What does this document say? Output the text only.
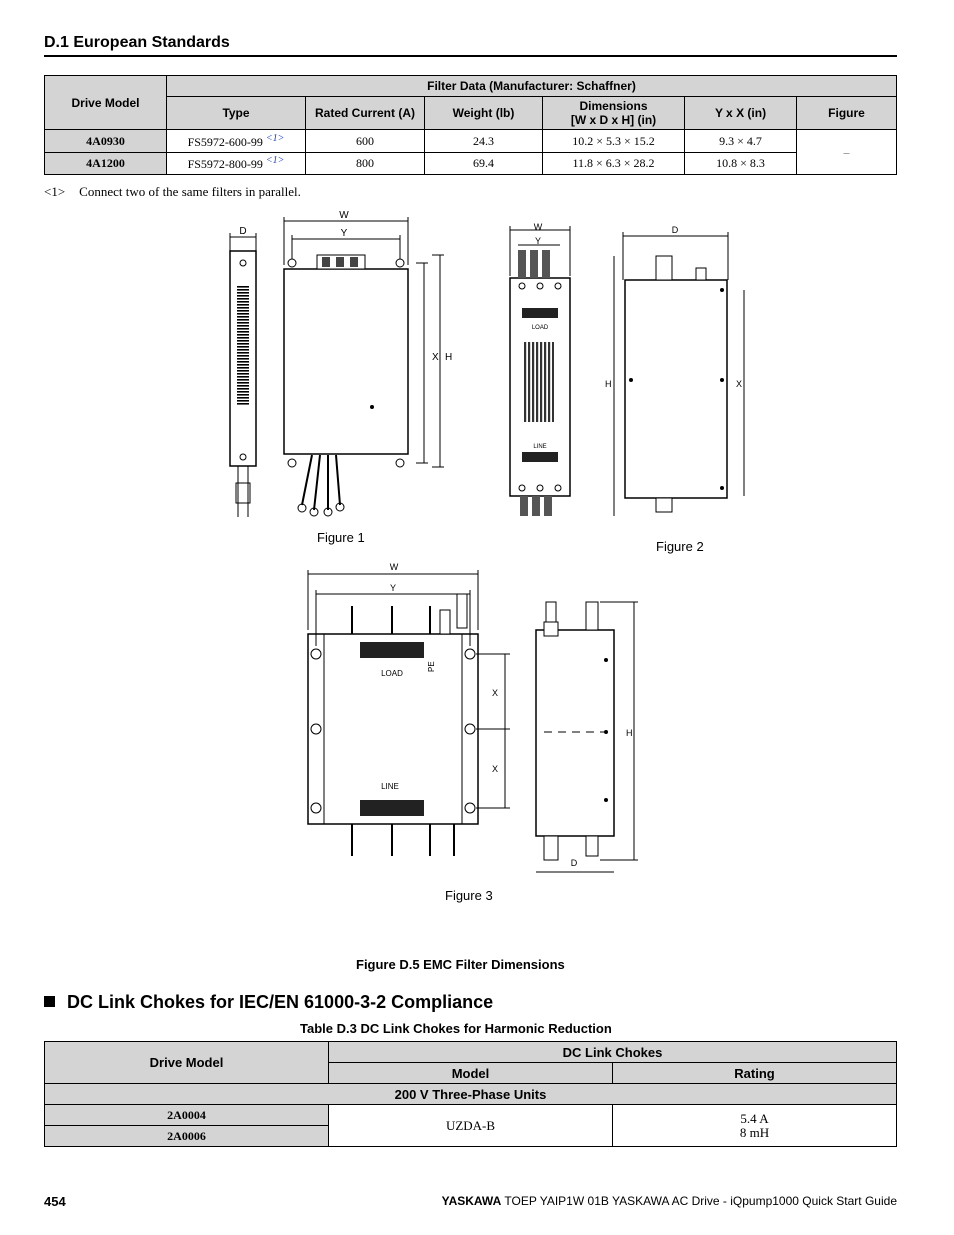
D.1 European Standards
Drive Model	Filter Data (Manufacturer: Schaffner)					
	Type	Rated Current (A)	Weight (lb)	Dimensions
[W x D x H] (in)	Y x X (in)	Figure
4A0930	FS5972-600-99 $^{<1>}$	600	24.3	10.2 × 5.3 × 15.2	9.3 × 4.7	–
4A1200	FS5972-800-99 $^{<1>}$	800	69.4	11.8 × 6.3 × 28.2	10.8 × 8.3	
<1> Connect two of the same filters in parallel.
D
W
Y
X H
Figure 1
LOAD
LINE
W
Y
D
H	X
Figure 2
LOAD
PE
LINE
W
Y
X
X
H
D
Figure 3
Figure D.5 EMC Filter Dimensions
DC Link Chokes for IEC/EN 61000-3-2 Compliance
Table D.3 DC Link Chokes for Harmonic Reduction
Drive Model	DC Link Chokes	
	Model	Rating
200 V Three-Phase Units		
2A0004	UZDA-B	5.4 A
8 mH

2A0006		
454	YASKAWA TOEP YAIP1W 01B YASKAWA AC Drive - iQpump1000 Quick Start Guide
